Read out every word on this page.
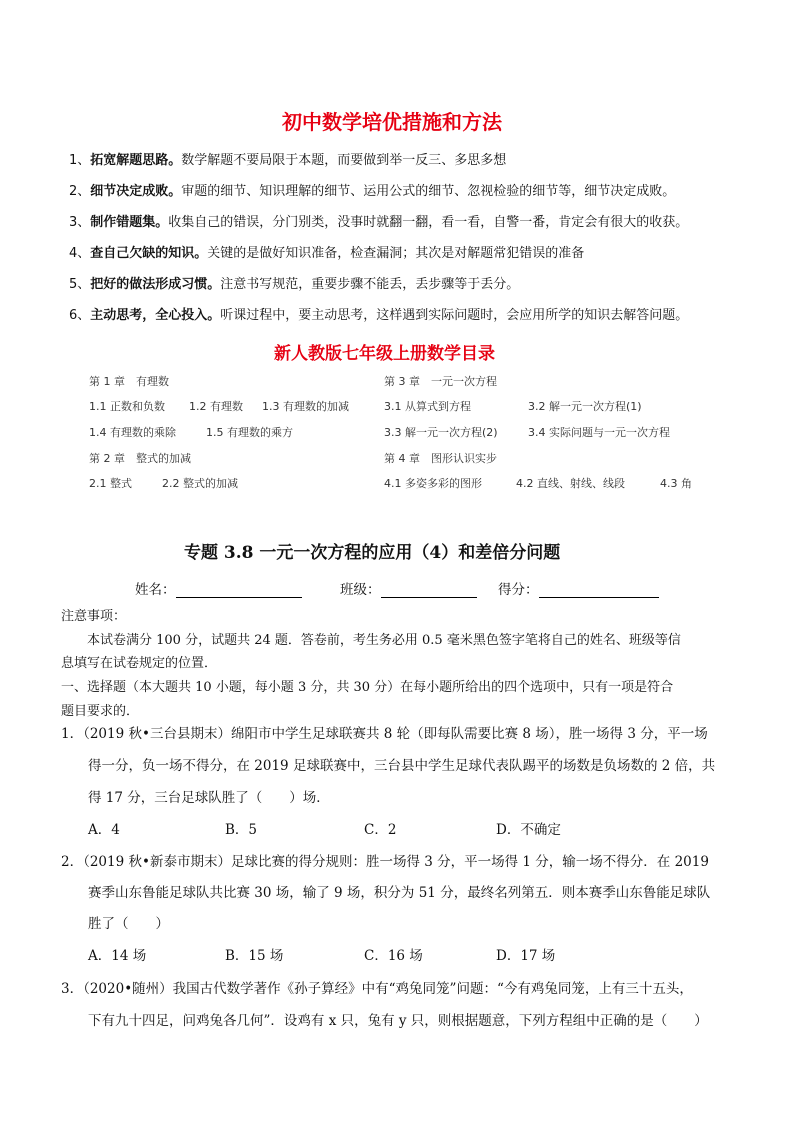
初中数学培优措施和方法
1、拓宽解题思路。数学解题不要局限于本题，而要做到举一反三、多思多想
2、细节决定成败。审题的细节、知识理解的细节、运用公式的细节、忽视检验的细节等，细节决定成败。
3、制作错题集。收集自己的错误，分门别类，没事时就翻一翻，看一看，自警一番，肯定会有很大的收获。
4、查自己欠缺的知识。关键的是做好知识准备，检查漏洞；其次是对解题常犯错误的准备
5、把好的做法形成习惯。注意书写规范，重要步骤不能丢，丢步骤等于丢分。
6、主动思考，全心投入。听课过程中，要主动思考，这样遇到实际问题时，会应用所学的知识去解答问题。
新人教版七年级上册数学目录
第 1 章　有理数
1.1 正数和负数 1.2 有理数 1.3 有理数的加减
1.4 有理数的乘除	1.5 有理数的乘方
第 2 章　整式的加减
2.1 整式	2.2 整式的加减
第 3 章　一元一次方程
3.1 从算式到方程	3.2 解一元一次方程(1)
3.3 解一元一次方程(2)	3.4 实际问题与一元一次方程
第 4 章　图形认识实步
4.1 多姿多彩的图形	4.2 直线、射线、线段	4.3 角
专题 3.8 一元一次方程的应用（4）和差倍分问题
姓名：	班级：	得分：
注意事项：
本试卷满分 100 分，试题共 24 题．答卷前，考生务必用 0.5 毫米黑色签字笔将自己的姓名、班级等信
息填写在试卷规定的位置．
一、选择题（本大题共 10 小题，每小题 3 分，共 30 分）在每小题所给出的四个选项中，只有一项是符合
题目要求的．
1．（2019 秋•三台县期末）绵阳市中学生足球联赛共 8 轮（即每队需要比赛 8 场），胜一场得 3 分，平一场
得一分，负一场不得分，在 2019 足球联赛中，三台县中学生足球代表队踢平的场数是负场数的 2 倍，共
得 17 分，三台足球队胜了（　　）场．
A．4	B．5	C．2	D．不确定
2．（2019 秋•新泰市期末）足球比赛的得分规则：胜一场得 3 分，平一场得 1 分，输一场不得分．在 2019
赛季山东鲁能足球队共比赛 30 场，输了 9 场，积分为 51 分，最终名列第五．则本赛季山东鲁能足球队
胜了（　　）
A．14 场	B．15 场	C．16 场	D．17 场
3．（2020•随州）我国古代数学著作《孙子算经》中有“鸡兔同笼”问题：“今有鸡兔同笼，上有三十五头，
下有九十四足，问鸡兔各几何”．设鸡有 x 只，兔有 y 只，则根据题意，下列方程组中正确的是（　　）
